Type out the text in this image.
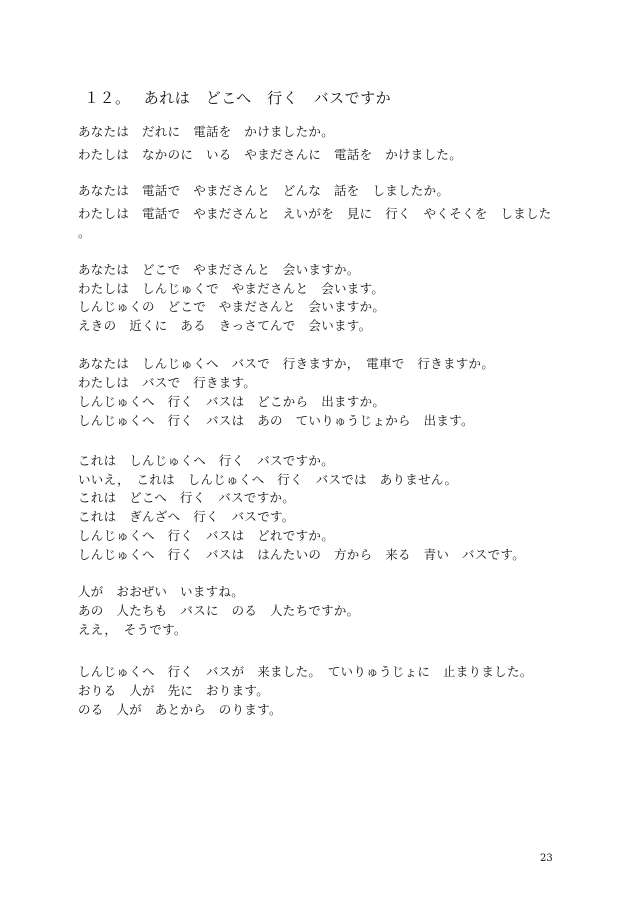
１２。　 あれは　どこへ　行く　バスですか
あなたは　だれに　電話を　かけましたか。
わたしは　なかのに　いる　やまださんに　電話を　かけました。
あなたは　電話で　やまださんと　どんな　話を　しましたか。
わたしは　電話で　やまださんと　えいがを　見に　行く　やくそくを　しました
。
あなたは　どこで　やまださんと　会いますか。
わたしは　しんじゅくで　やまださんと　会います。
しんじゅくの　どこで　やまださんと　会いますか。
えきの　近くに　ある　きっさてんで　会います。
あなたは　しんじゅくへ　バスで　行きますか，　電車で　行きますか。
わたしは　バスで　行きます。
しんじゅくへ　行く　バスは　どこから　出ますか。
しんじゅくへ　行く　バスは　あの　ていりゅうじょから　出ます。
これは　しんじゅくへ　行く　バスですか。
いいえ，　これは　しんじゅくへ　行く　バスでは　ありません。
これは　どこへ　行く　バスですか。
これは　ぎんざへ　行く　バスです。
しんじゅくへ　行く　バスは　どれですか。
しんじゅくへ　行く　バスは　はんたいの　方から　来る　青い　バスです。
人が　おおぜい　いますね。
あの　人たちも　バスに　のる　人たちですか。
ええ，　そうです。
しんじゅくへ　行く　バスが　来ました。　ていりゅうじょに　止まりました。
おりる　人が　先に　おります。
のる　人が　あとから　のります。
23
